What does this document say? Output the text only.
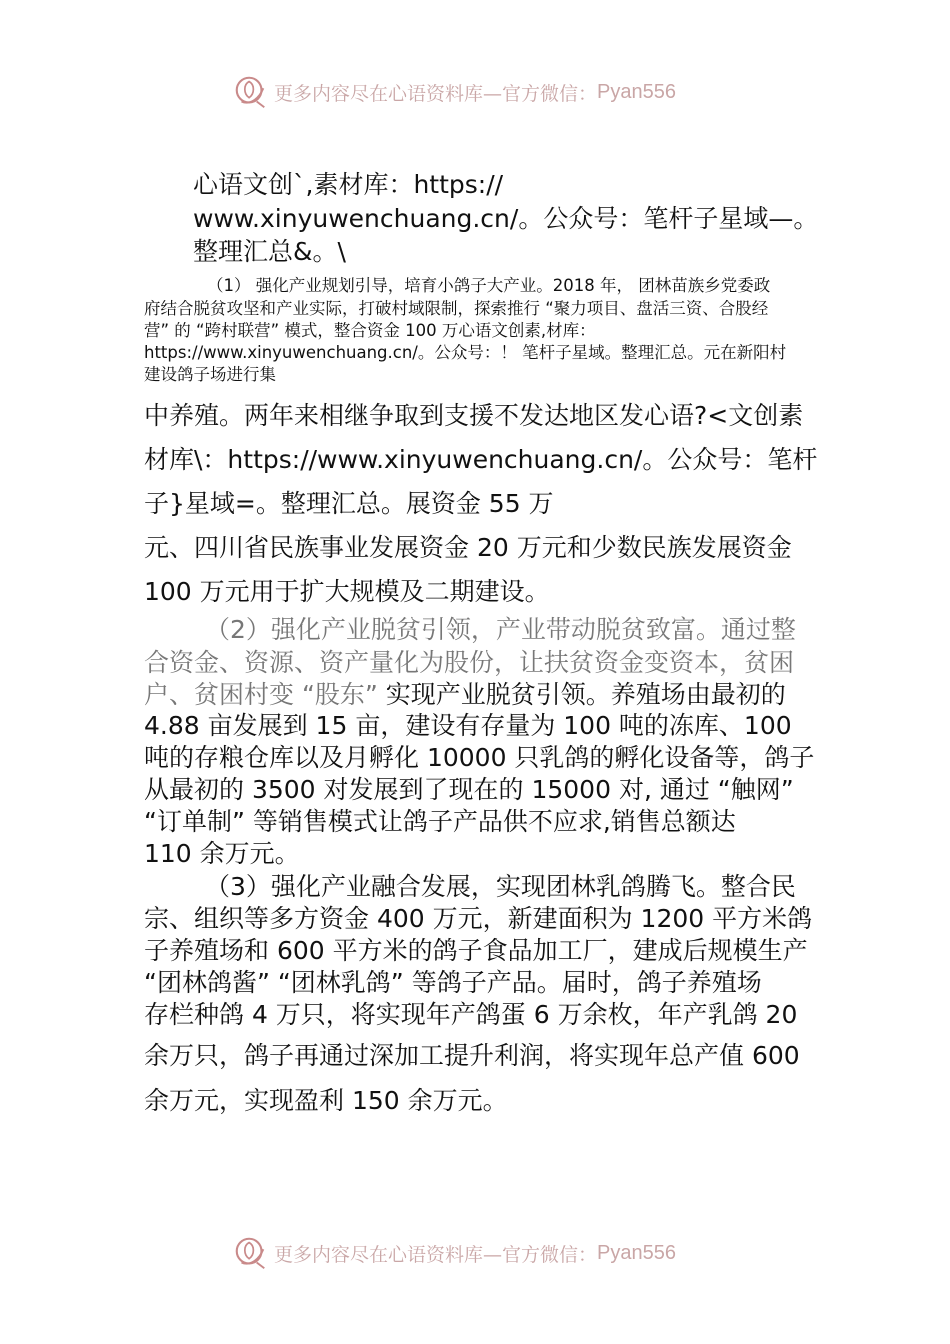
更多内容尽在心语资料库—官方微信： Pyan556

心语文创`,素材库：https://

www.xinyuwenchuang.cn/。公众号：笔杆子星域—。

整理汇总&。\

（1） 强化产业规划引导，培育小鸽子大产业。2018 年， 团林苗族乡党委政

府结合脱贫攻坚和产业实际，打破村域限制，探索推行 “聚力项目、盘活三资、合股经

营” 的 “跨村联营” 模式，整合资金 100 万心语文创素,材库：

https://www.xinyuwenchuang.cn/。公众号：！ 笔杆子星域。整理汇总。元在新阳村

建设鸽子场进行集

中养殖。两年来相继争取到支援不发达地区发心语?<文创素

材库\：https://www.xinyuwenchuang.cn/。公众号：笔杆

子}星域=。整理汇总。展资金 55 万

元、四川省民族事业发展资金 20 万元和少数民族发展资金

100 万元用于扩大规模及二期建设。

（2）强化产业脱贫引领，产业带动脱贫致富。通过整

合资金、资源、资产量化为股份，让扶贫资金变资本，贫困

户、贫困村变 “股东” 实现产业脱贫引领。养殖场由最初的

4.88 亩发展到 15 亩，建设有存量为 100 吨的冻库、100

吨的存粮仓库以及月孵化 10000 只乳鸽的孵化设备等，鸽子

从最初的 3500 对发展到了现在的 15000 对, 通过 “触网”

“订单制” 等销售模式让鸽子产品供不应求,销售总额达

110 余万元。

（3）强化产业融合发展，实现团林乳鸽腾飞。整合民

宗、组织等多方资金 400 万元，新建面积为 1200 平方米鸽

子养殖场和 600 平方米的鸽子食品加工厂，建成后规模生产

“团林鸽酱” “团林乳鸽” 等鸽子产品。届时，鸽子养殖场

存栏种鸽 4 万只，将实现年产鸽蛋 6 万余枚，年产乳鸽 20

余万只，鸽子再通过深加工提升利润，将实现年总产值 600

余万元，实现盈利 150 余万元。

更多内容尽在心语资料库—官方微信： Pyan556
